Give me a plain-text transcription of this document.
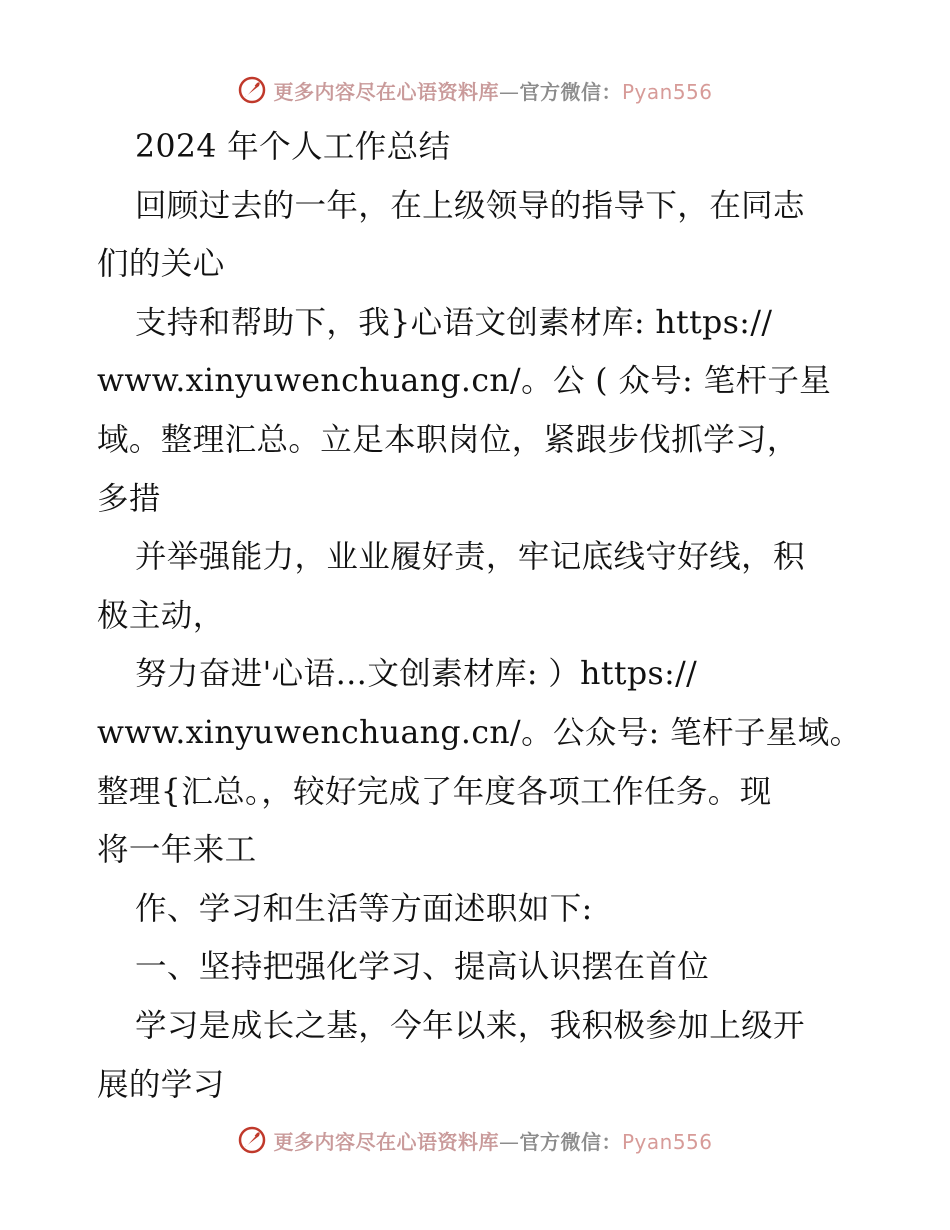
更多内容尽在心语资料库—官方微信：Pyan556
2024 年个人工作总结
回顾过去的一年，在上级领导的指导下，在同志
们的关心
支持和帮助下，我}心语文创素材库: https://
www.xinyuwenchuang.cn/。公 ( 众号: 笔杆子星
域。整理汇总。立足本职岗位，紧跟步伐抓学习，
多措
并举强能力，业业履好责，牢记底线守好线，积
极主动，
努力奋进'心语…文创素材库: ）https://
www.xinyuwenchuang.cn/。公众号: 笔杆子星域。
整理{汇总。，较好完成了年度各项工作任务。现
将一年来工
作、学习和生活等方面述职如下:
一、坚持把强化学习、提高认识摆在首位
学习是成长之基，今年以来，我积极参加上级开
展的学习
更多内容尽在心语资料库—官方微信：Pyan556
